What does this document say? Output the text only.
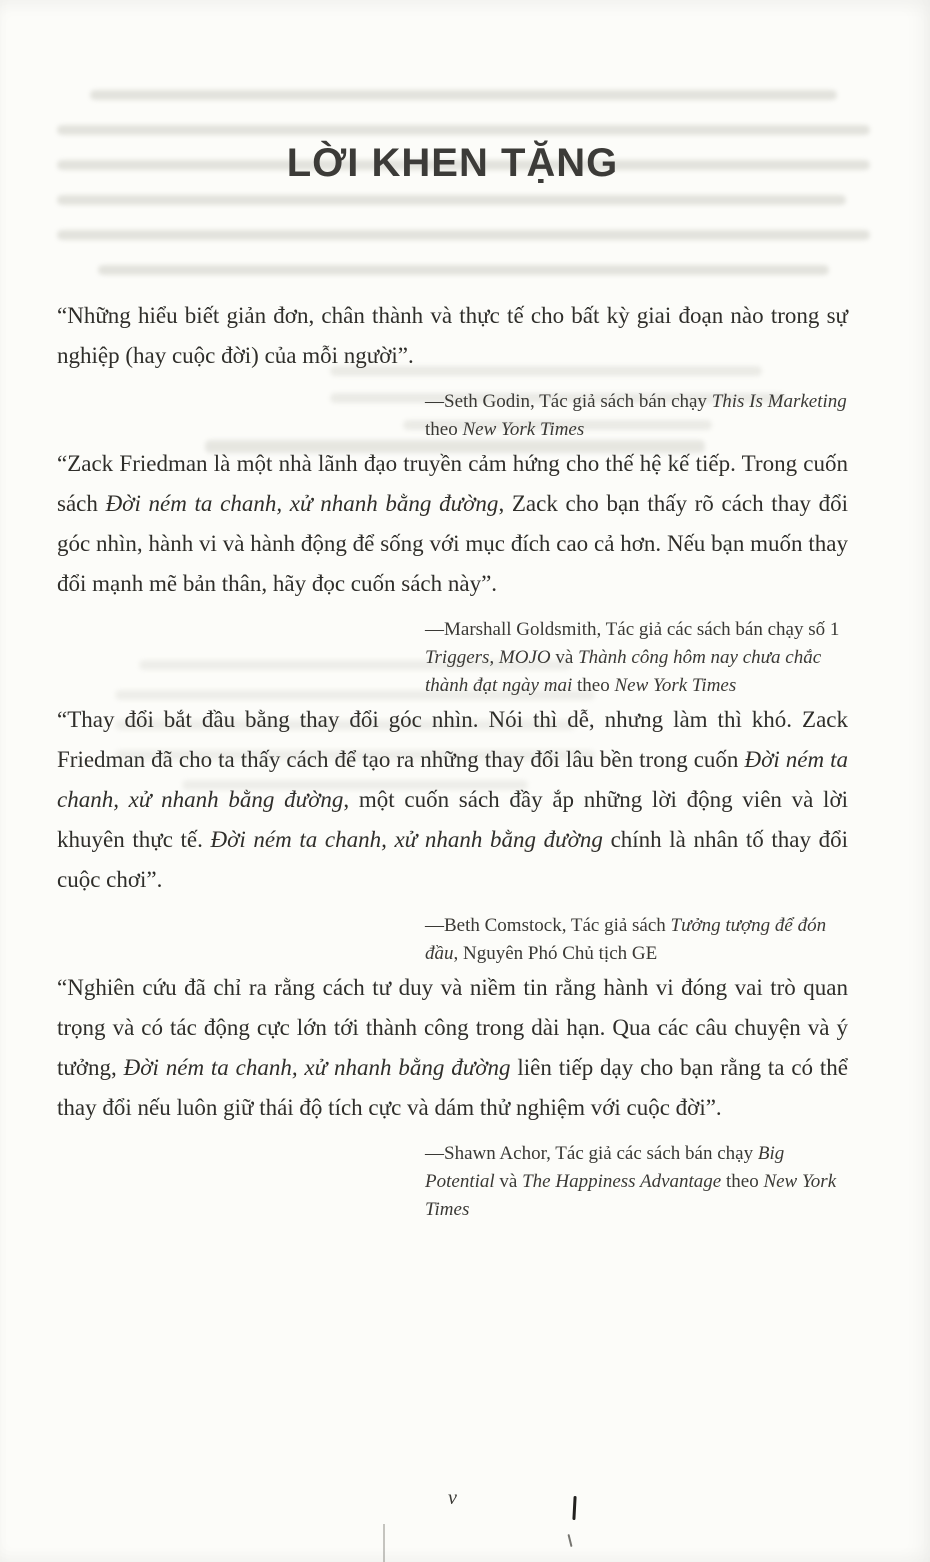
LỜI KHEN TẶNG
“Những hiểu biết giản đơn, chân thành và thực tế cho bất kỳ giai đoạn nào trong sự nghiệp (hay cuộc đời) của mỗi người”.
—Seth Godin, Tác giả sách bán chạy This Is Marketing theo New York Times
“Zack Friedman là một nhà lãnh đạo truyền cảm hứng cho thế hệ kế tiếp. Trong cuốn sách Đời ném ta chanh, xử nhanh bằng đường, Zack cho bạn thấy rõ cách thay đổi góc nhìn, hành vi và hành động để sống với mục đích cao cả hơn. Nếu bạn muốn thay đổi mạnh mẽ bản thân, hãy đọc cuốn sách này”.
—Marshall Goldsmith, Tác giả các sách bán chạy số 1 Triggers, MOJO và Thành công hôm nay chưa chắc thành đạt ngày mai theo New York Times
“Thay đổi bắt đầu bằng thay đổi góc nhìn. Nói thì dễ, nhưng làm thì khó. Zack Friedman đã cho ta thấy cách để tạo ra những thay đổi lâu bền trong cuốn Đời ném ta chanh, xử nhanh bằng đường, một cuốn sách đầy ắp những lời động viên và lời khuyên thực tế. Đời ném ta chanh, xử nhanh bằng đường chính là nhân tố thay đổi cuộc chơi”.
—Beth Comstock, Tác giả sách Tưởng tượng để đón đầu, Nguyên Phó Chủ tịch GE
“Nghiên cứu đã chỉ ra rằng cách tư duy và niềm tin rằng hành vi đóng vai trò quan trọng và có tác động cực lớn tới thành công trong dài hạn. Qua các câu chuyện và ý tưởng, Đời ném ta chanh, xử nhanh bằng đường liên tiếp dạy cho bạn rằng ta có thể thay đổi nếu luôn giữ thái độ tích cực và dám thử nghiệm với cuộc đời”.
—Shawn Achor, Tác giả các sách bán chạy Big Potential và The Happiness Advantage theo New York Times
v
